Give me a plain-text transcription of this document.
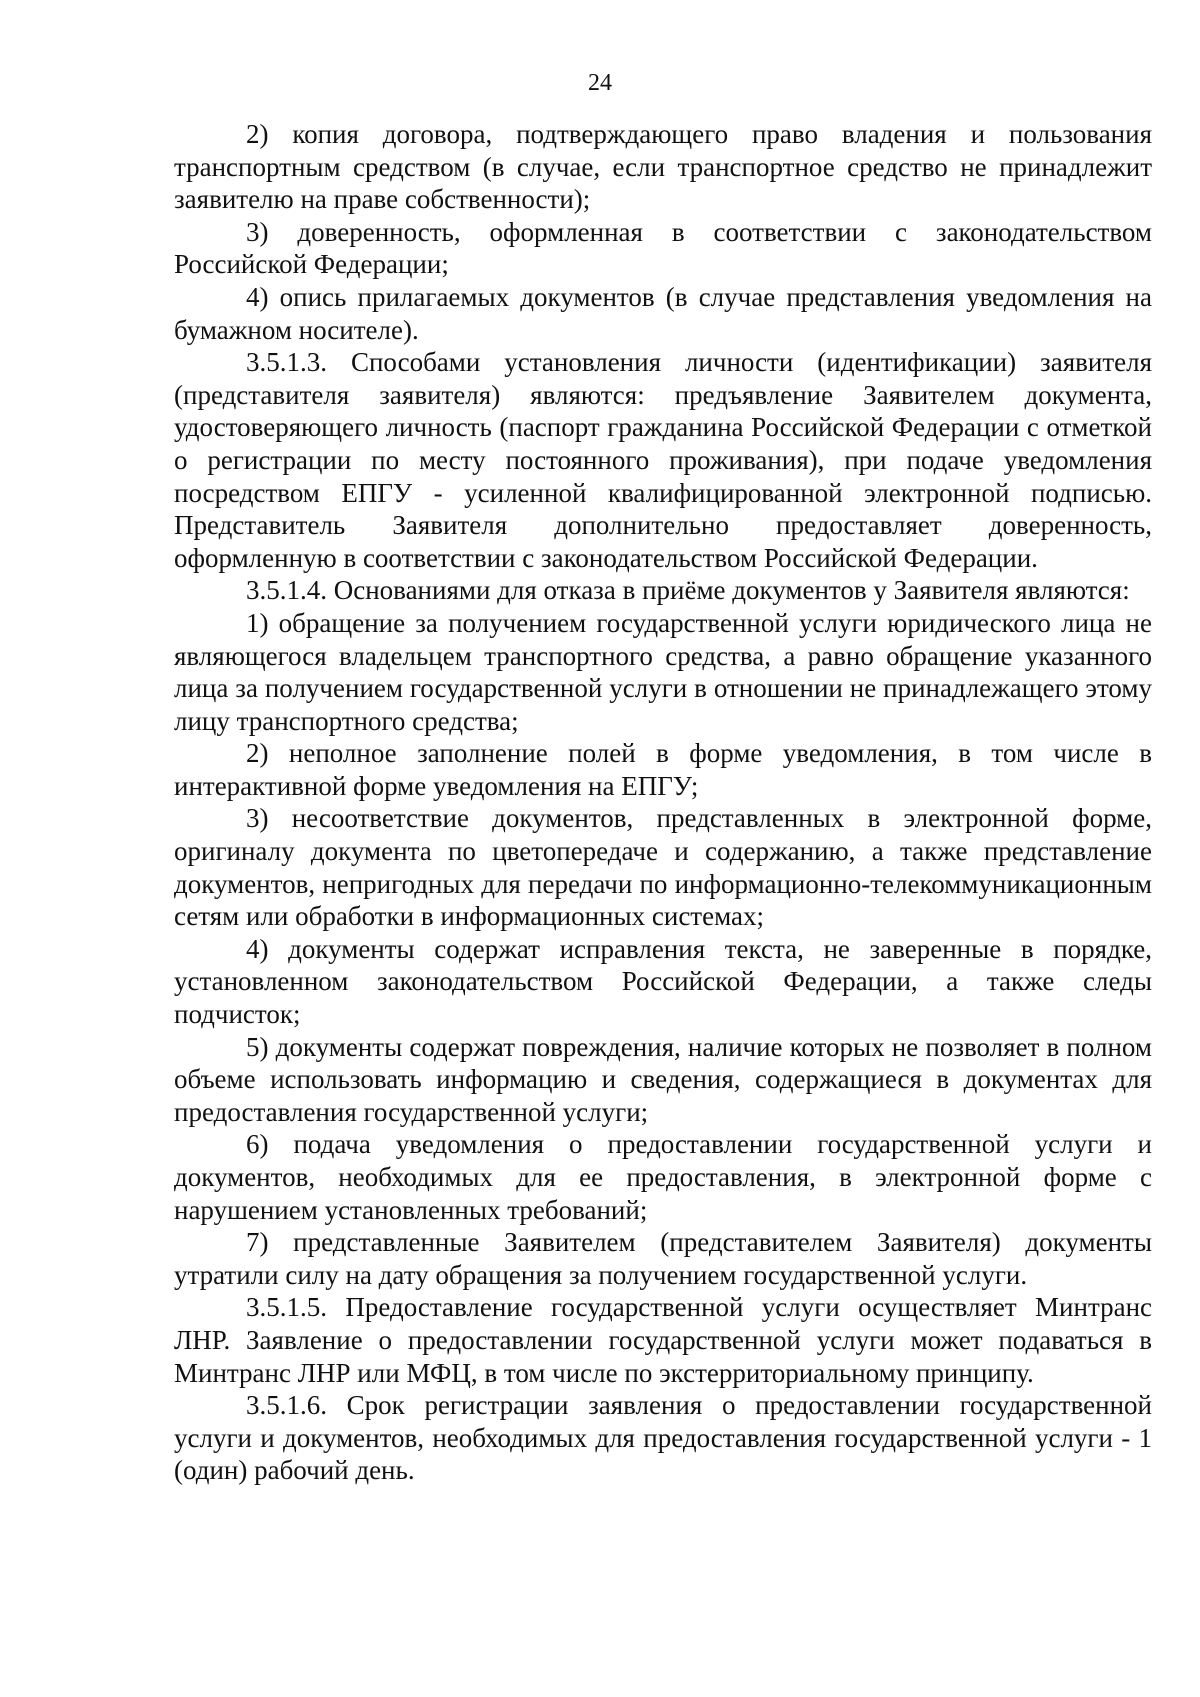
24

2) копия договора, подтверждающего право владения и пользования транспортным средством (в случае, если транспортное средство не принадлежит заявителю на праве собственности);

3) доверенность, оформленная в соответствии с законодательством Российской Федерации;

4) опись прилагаемых документов (в случае представления уведомления на бумажном носителе).

3.5.1.3. Способами установления личности (идентификации) заявителя (представителя заявителя) являются: предъявление Заявителем документа, удостоверяющего личность (паспорт гражданина Российской Федерации с отметкой о регистрации по месту постоянного проживания), при подаче уведомления посредством ЕПГУ - усиленной квалифицированной электронной подписью. Представитель Заявителя дополнительно предоставляет доверенность, оформленную в соответствии с законодательством Российской Федерации.

3.5.1.4. Основаниями для отказа в приёме документов у Заявителя являются:

1) обращение за получением государственной услуги юридического лица не являющегося владельцем транспортного средства, а равно обращение указанного лица за получением государственной услуги в отношении не принадлежащего этому лицу транспортного средства;

2) неполное заполнение полей в форме уведомления, в том числе в интерактивной форме уведомления на ЕПГУ;

3) несоответствие документов, представленных в электронной форме, оригиналу документа по цветопередаче и содержанию, а также представление документов, непригодных для передачи по информационно-телекоммуникационным сетям или обработки в информационных системах;

4) документы содержат исправления текста, не заверенные в порядке, установленном законодательством Российской Федерации, а также следы подчисток;

5) документы содержат повреждения, наличие которых не позволяет в полном объеме использовать информацию и сведения, содержащиеся в документах для предоставления государственной услуги;

6) подача уведомления о предоставлении государственной услуги и документов, необходимых для ее предоставления, в электронной форме с нарушением установленных требований;

7) представленные Заявителем (представителем Заявителя) документы утратили силу на дату обращения за получением государственной услуги.

3.5.1.5. Предоставление государственной услуги осуществляет Минтранс ЛНР. Заявление о предоставлении государственной услуги может подаваться в Минтранс ЛНР или МФЦ, в том числе по экстерриториальному принципу.

3.5.1.6. Срок регистрации заявления о предоставлении государственной услуги и документов, необходимых для предоставления государственной услуги - 1 (один) рабочий день.
